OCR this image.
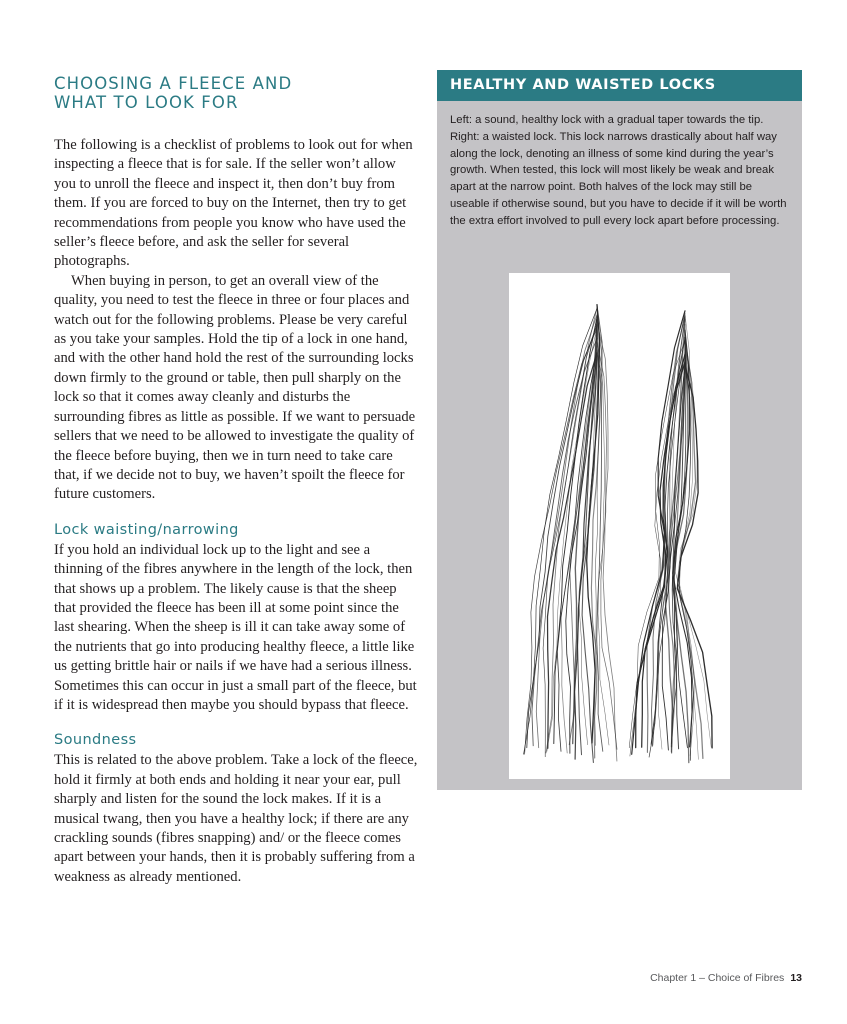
CHOOSING A FLEECE AND
WHAT TO LOOK FOR

The following is a checklist of problems to look out for when inspecting a fleece that is for sale. If the seller won’t allow you to unroll the fleece and inspect it, then don’t buy from them. If you are forced to buy on the Internet, then try to get recommendations from people you know who have used the seller’s fleece before, and ask the seller for several photographs.

When buying in person, to get an overall view of the quality, you need to test the fleece in three or four places and watch out for the following problems. Please be very careful as you take your samples. Hold the tip of a lock in one hand, and with the other hand hold the rest of the surrounding locks down firmly to the ground or table, then pull sharply on the lock so that it comes away cleanly and disturbs the surrounding fibres as little as possible. If we want to persuade sellers that we need to be allowed to investigate the quality of the fleece before buying, then we in turn need to take care that, if we decide not to buy, we haven’t spoilt the fleece for future customers.

Lock waisting/narrowing

If you hold an individual lock up to the light and see a thinning of the fibres anywhere in the length of the lock, then that shows up a problem. The likely cause is that the sheep that provided the fleece has been ill at some point since the last shearing. When the sheep is ill it can take away some of the nutrients that go into producing healthy fleece, a little like us getting brittle hair or nails if we have had a serious illness. Sometimes this can occur in just a small part of the fleece, but if it is widespread then maybe you should bypass that fleece.

Soundness

This is related to the above problem. Take a lock of the fleece, hold it firmly at both ends and holding it near your ear, pull sharply and listen for the sound the lock makes. If it is a musical twang, then you have a healthy lock; if there are any crackling sounds (fibres snapping) and/ or the fleece comes apart between your hands, then it is probably suffering from a weakness as already mentioned.

HEALTHY AND WAISTED LOCKS
Left: a sound, healthy lock with a gradual taper towards the tip. Right: a waisted lock. This lock narrows drastically about half way along the lock, denoting an illness of some kind during the year’s growth. When tested, this lock will most likely be weak and break apart at the narrow point. Both halves of the lock may still be useable if otherwise sound, but you have to decide if it will be worth the extra effort involved to pull every lock apart before processing.
Chapter 1 – Choice of Fibres 13
